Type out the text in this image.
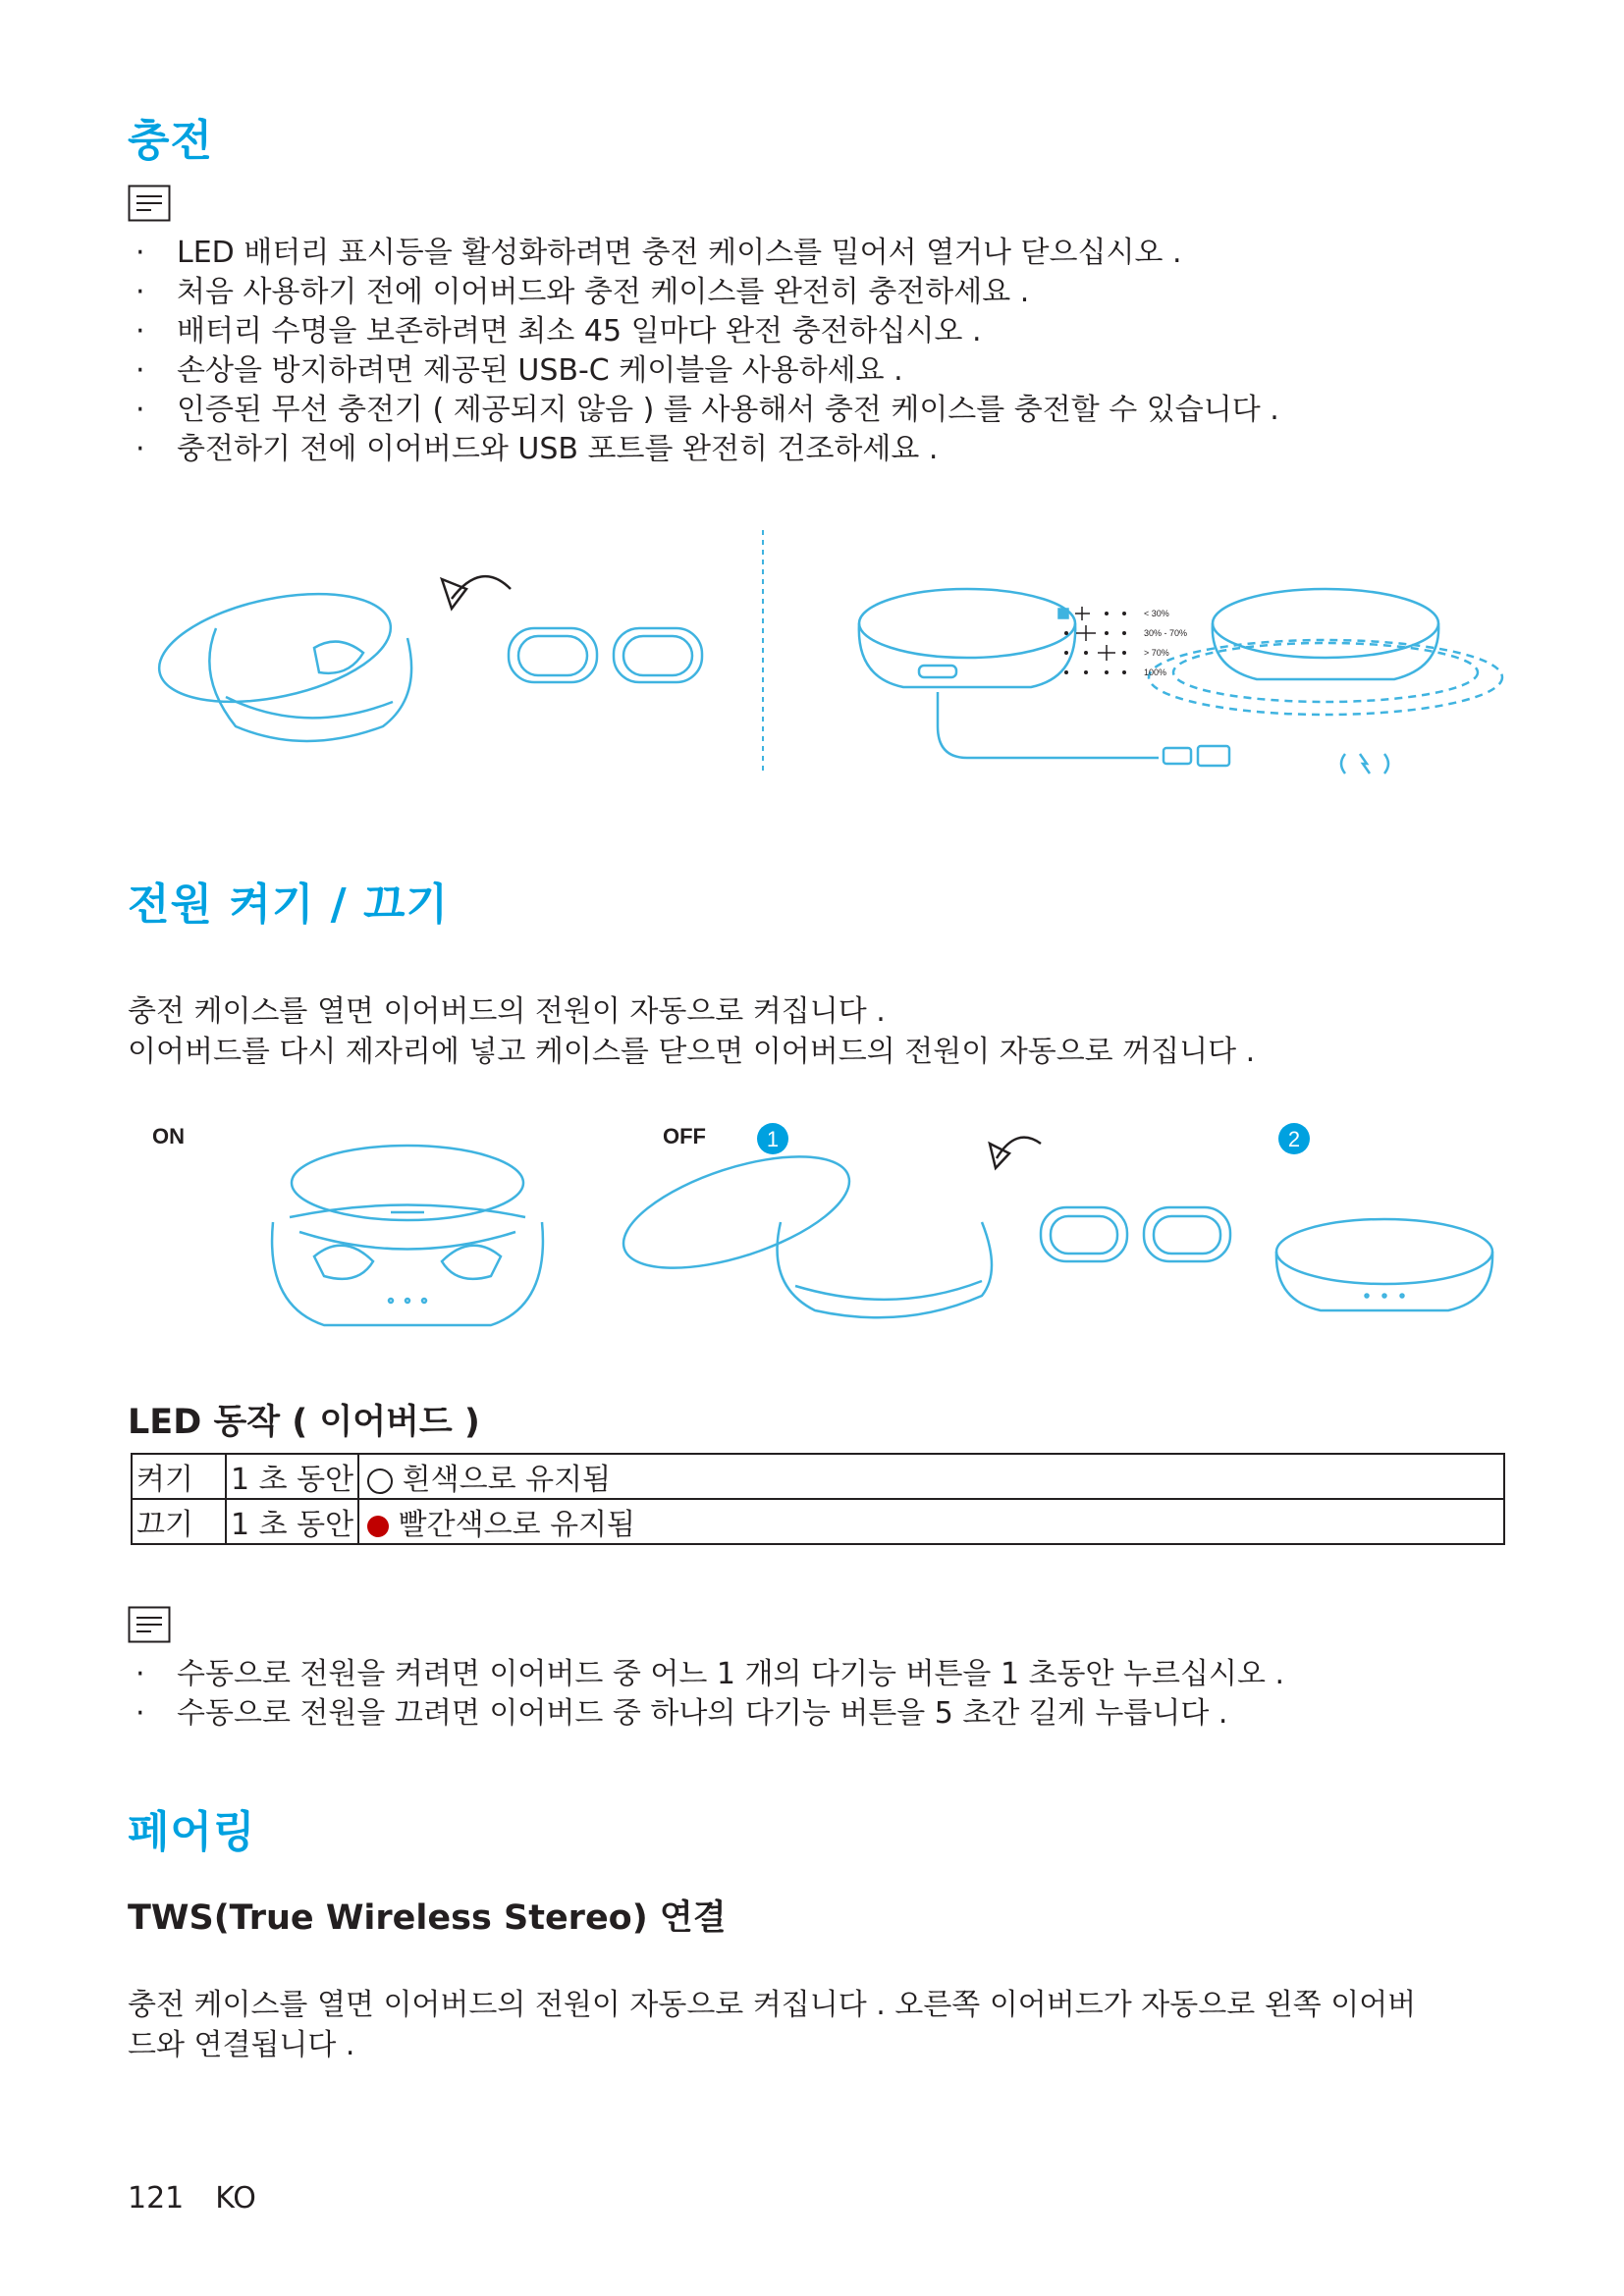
충전
· LED 배터리 표시등을 활성화하려면 충전 케이스를 밀어서 열거나 닫으십시오 .
· 처음 사용하기 전에 이어버드와 충전 케이스를 완전히 충전하세요 .
· 배터리 수명을 보존하려면 최소 45 일마다 완전 충전하십시오 .
· 손상을 방지하려면 제공된 USB-C 케이블을 사용하세요 .
· 인증된 무선 충전기 ( 제공되지 않음 ) 를 사용해서 충전 케이스를 충전할 수 있습니다 .
· 충전하기 전에 이어버드와 USB 포트를 완전히 건조하세요 .
< 30%
30% - 70%
> 70%
100%
전원 켜기 / 끄기

충전 케이스를 열면 이어버드의 전원이 자동으로 켜집니다 .

이어버드를 다시 제자리에 넣고 케이스를 닫으면 이어버드의 전원이 자동으로 꺼집니다 .

1	2
ON	OFF
LED 동작 ( 이어버드 )
켜기	1 초 동안	흰색으로 유지됨
끄기	1 초 동안	빨간색으로 유지됨
· 수동으로 전원을 켜려면 이어버드 중 어느 1 개의 다기능 버튼을 1 초동안 누르십시오 .
· 수동으로 전원을 끄려면 이어버드 중 하나의 다기능 버튼을 5 초간 길게 누릅니다 .
페어링
TWS(True Wireless Stereo) 연결

충전 케이스를 열면 이어버드의 전원이 자동으로 켜집니다 . 오른쪽 이어버드가 자동으로 왼쪽 이어버

드와 연결됩니다 .

121 KO
